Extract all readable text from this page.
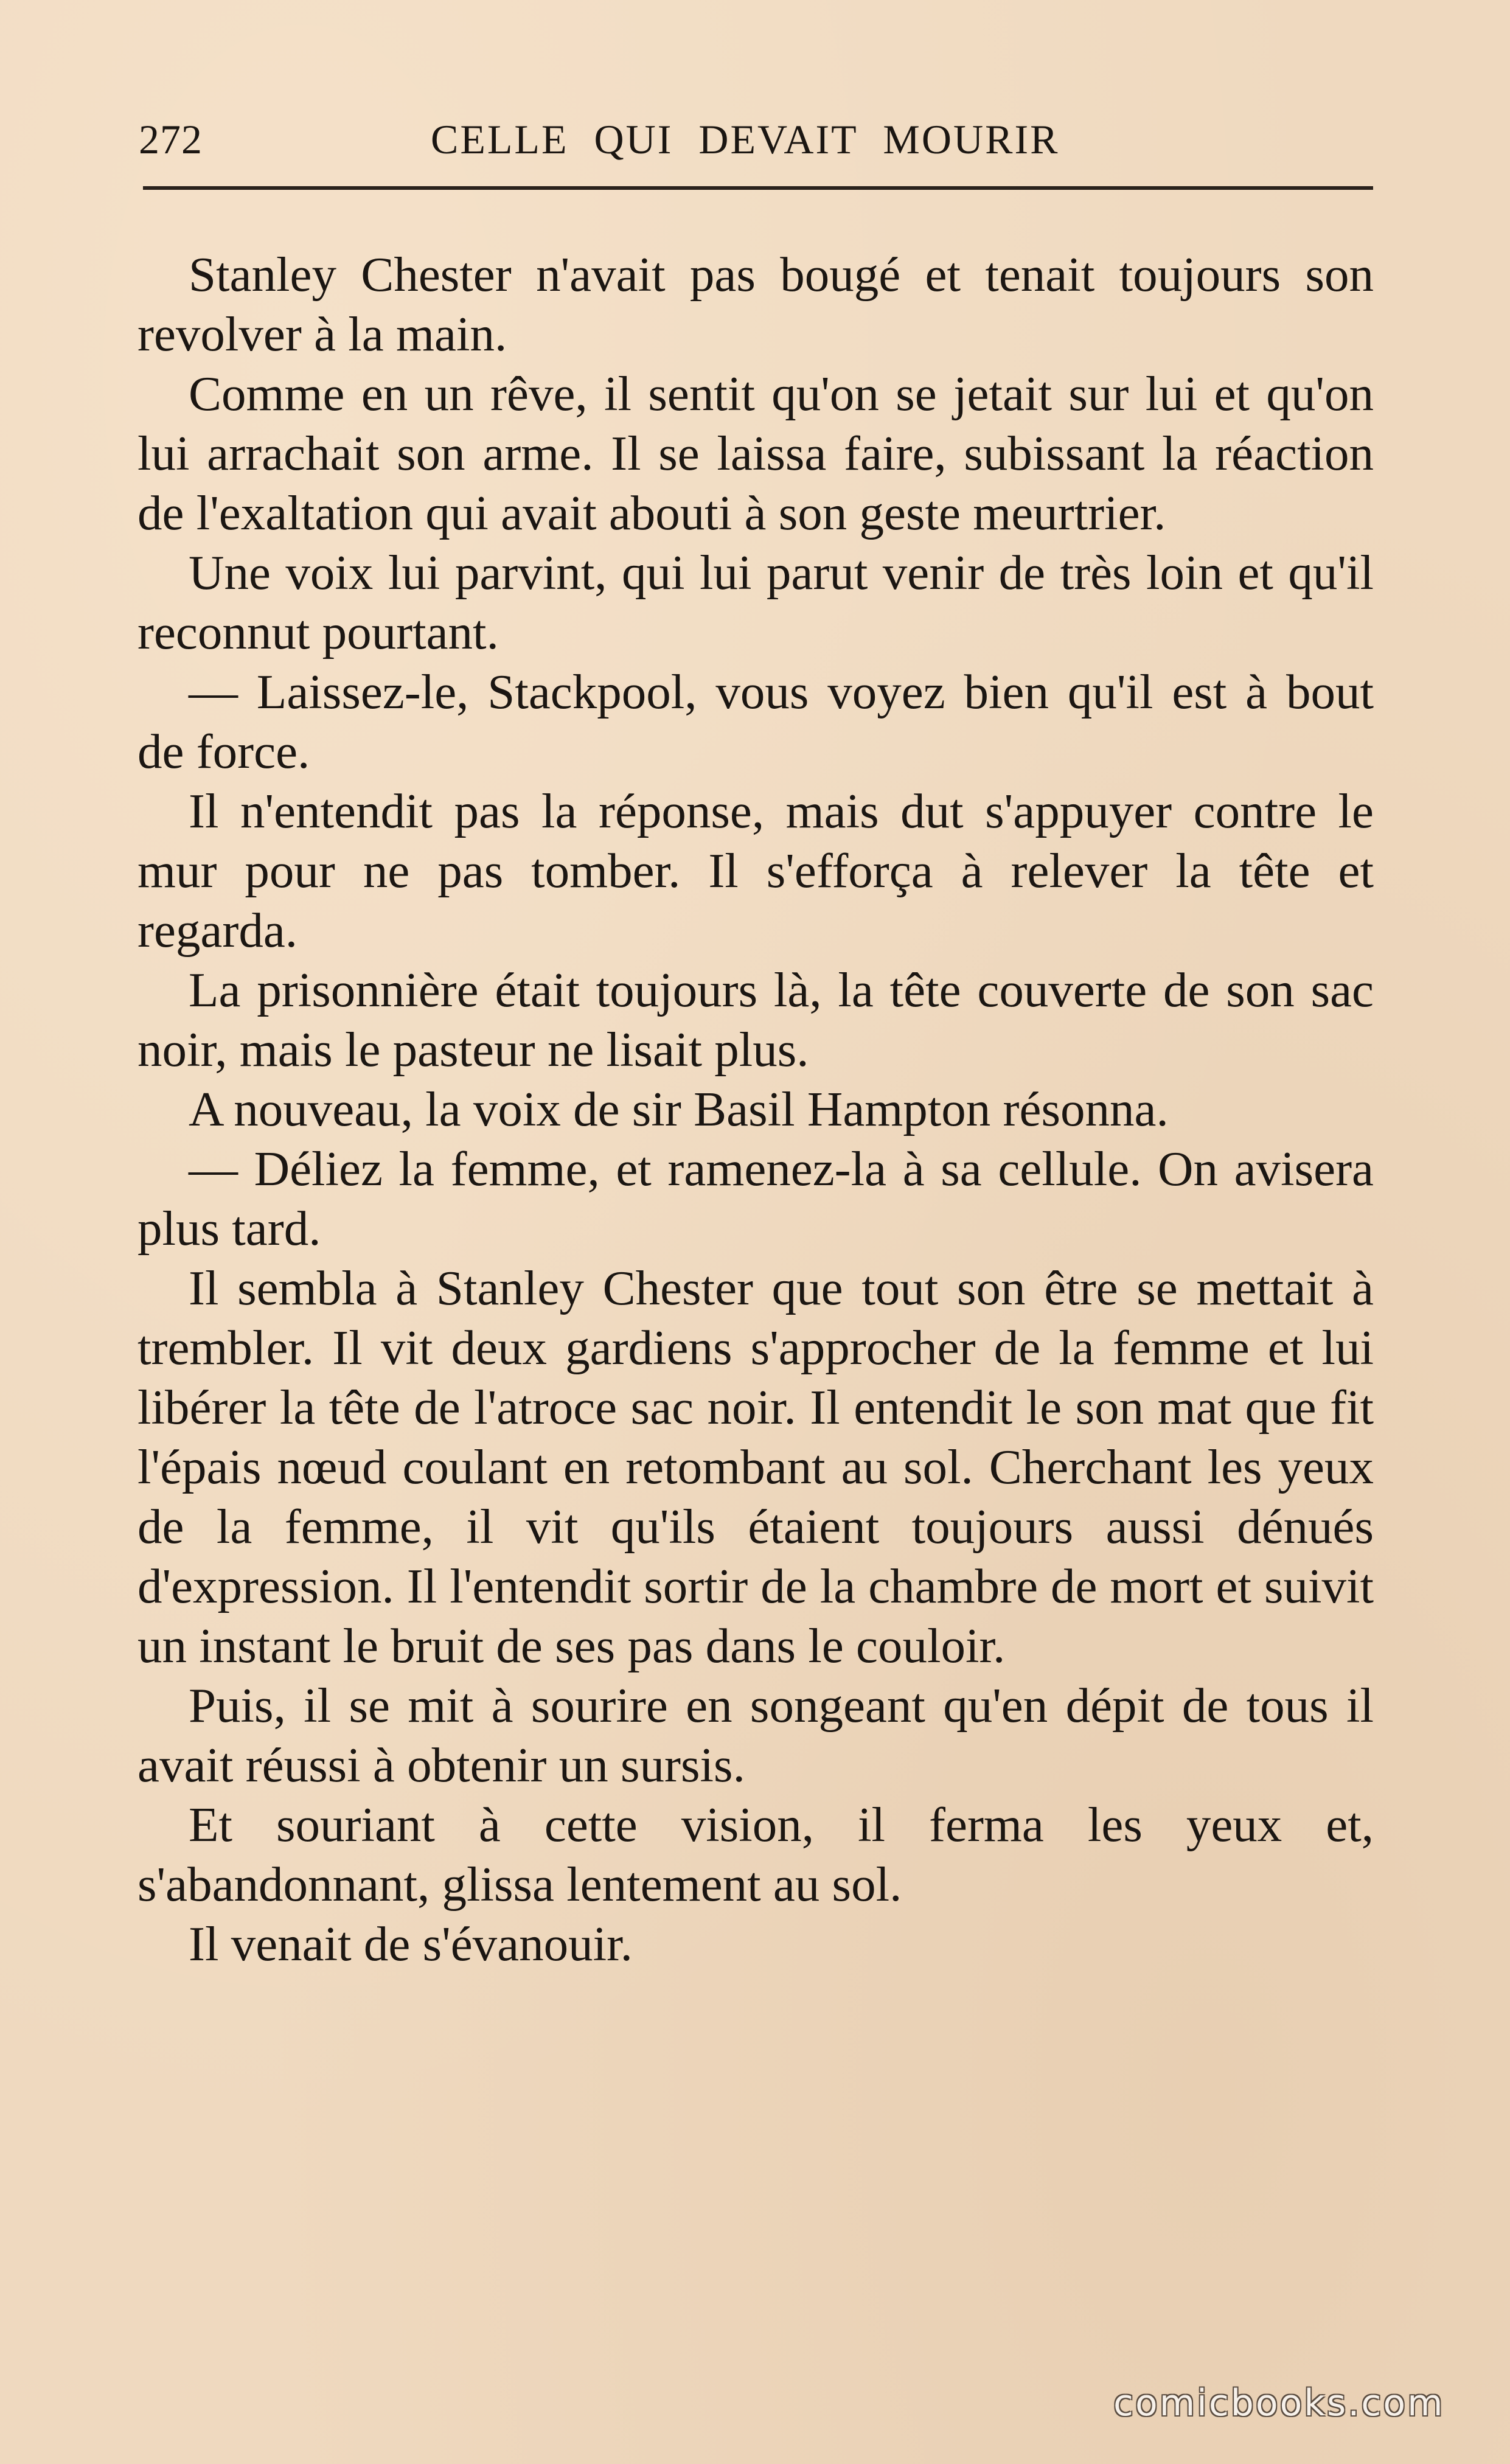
272	CELLE QUI DEVAIT MOURIR

Stanley Chester n'avait pas bougé et tenait toujours son revolver à la main.

Comme en un rêve, il sentit qu'on se jetait sur lui et qu'on lui arrachait son arme. Il se laissa faire, subissant la réaction de l'exaltation qui avait abouti à son geste meurtrier.

Une voix lui parvint, qui lui parut venir de très loin et qu'il reconnut pourtant.

— Laissez-le, Stackpool, vous voyez bien qu'il est à bout de force.

Il n'entendit pas la réponse, mais dut s'appuyer contre le mur pour ne pas tomber. Il s'efforça à relever la tête et regarda.

La prisonnière était toujours là, la tête couverte de son sac noir, mais le pasteur ne lisait plus.

A nouveau, la voix de sir Basil Hampton résonna.

— Déliez la femme, et ramenez-la à sa cellule. On avisera plus tard.

Il sembla à Stanley Chester que tout son être se mettait à trembler. Il vit deux gardiens s'approcher de la femme et lui libérer la tête de l'atroce sac noir. Il entendit le son mat que fit l'épais nœud coulant en retombant au sol. Cherchant les yeux de la femme, il vit qu'ils étaient toujours aussi dénués d'expression. Il l'entendit sortir de la chambre de mort et suivit un instant le bruit de ses pas dans le couloir.

Puis, il se mit à sourire en songeant qu'en dépit de tous il avait réussi à obtenir un sursis.

Et souriant à cette vision, il ferma les yeux et, s'abandonnant, glissa lentement au sol.

Il venait de s'évanouir.

comicbooks.com
